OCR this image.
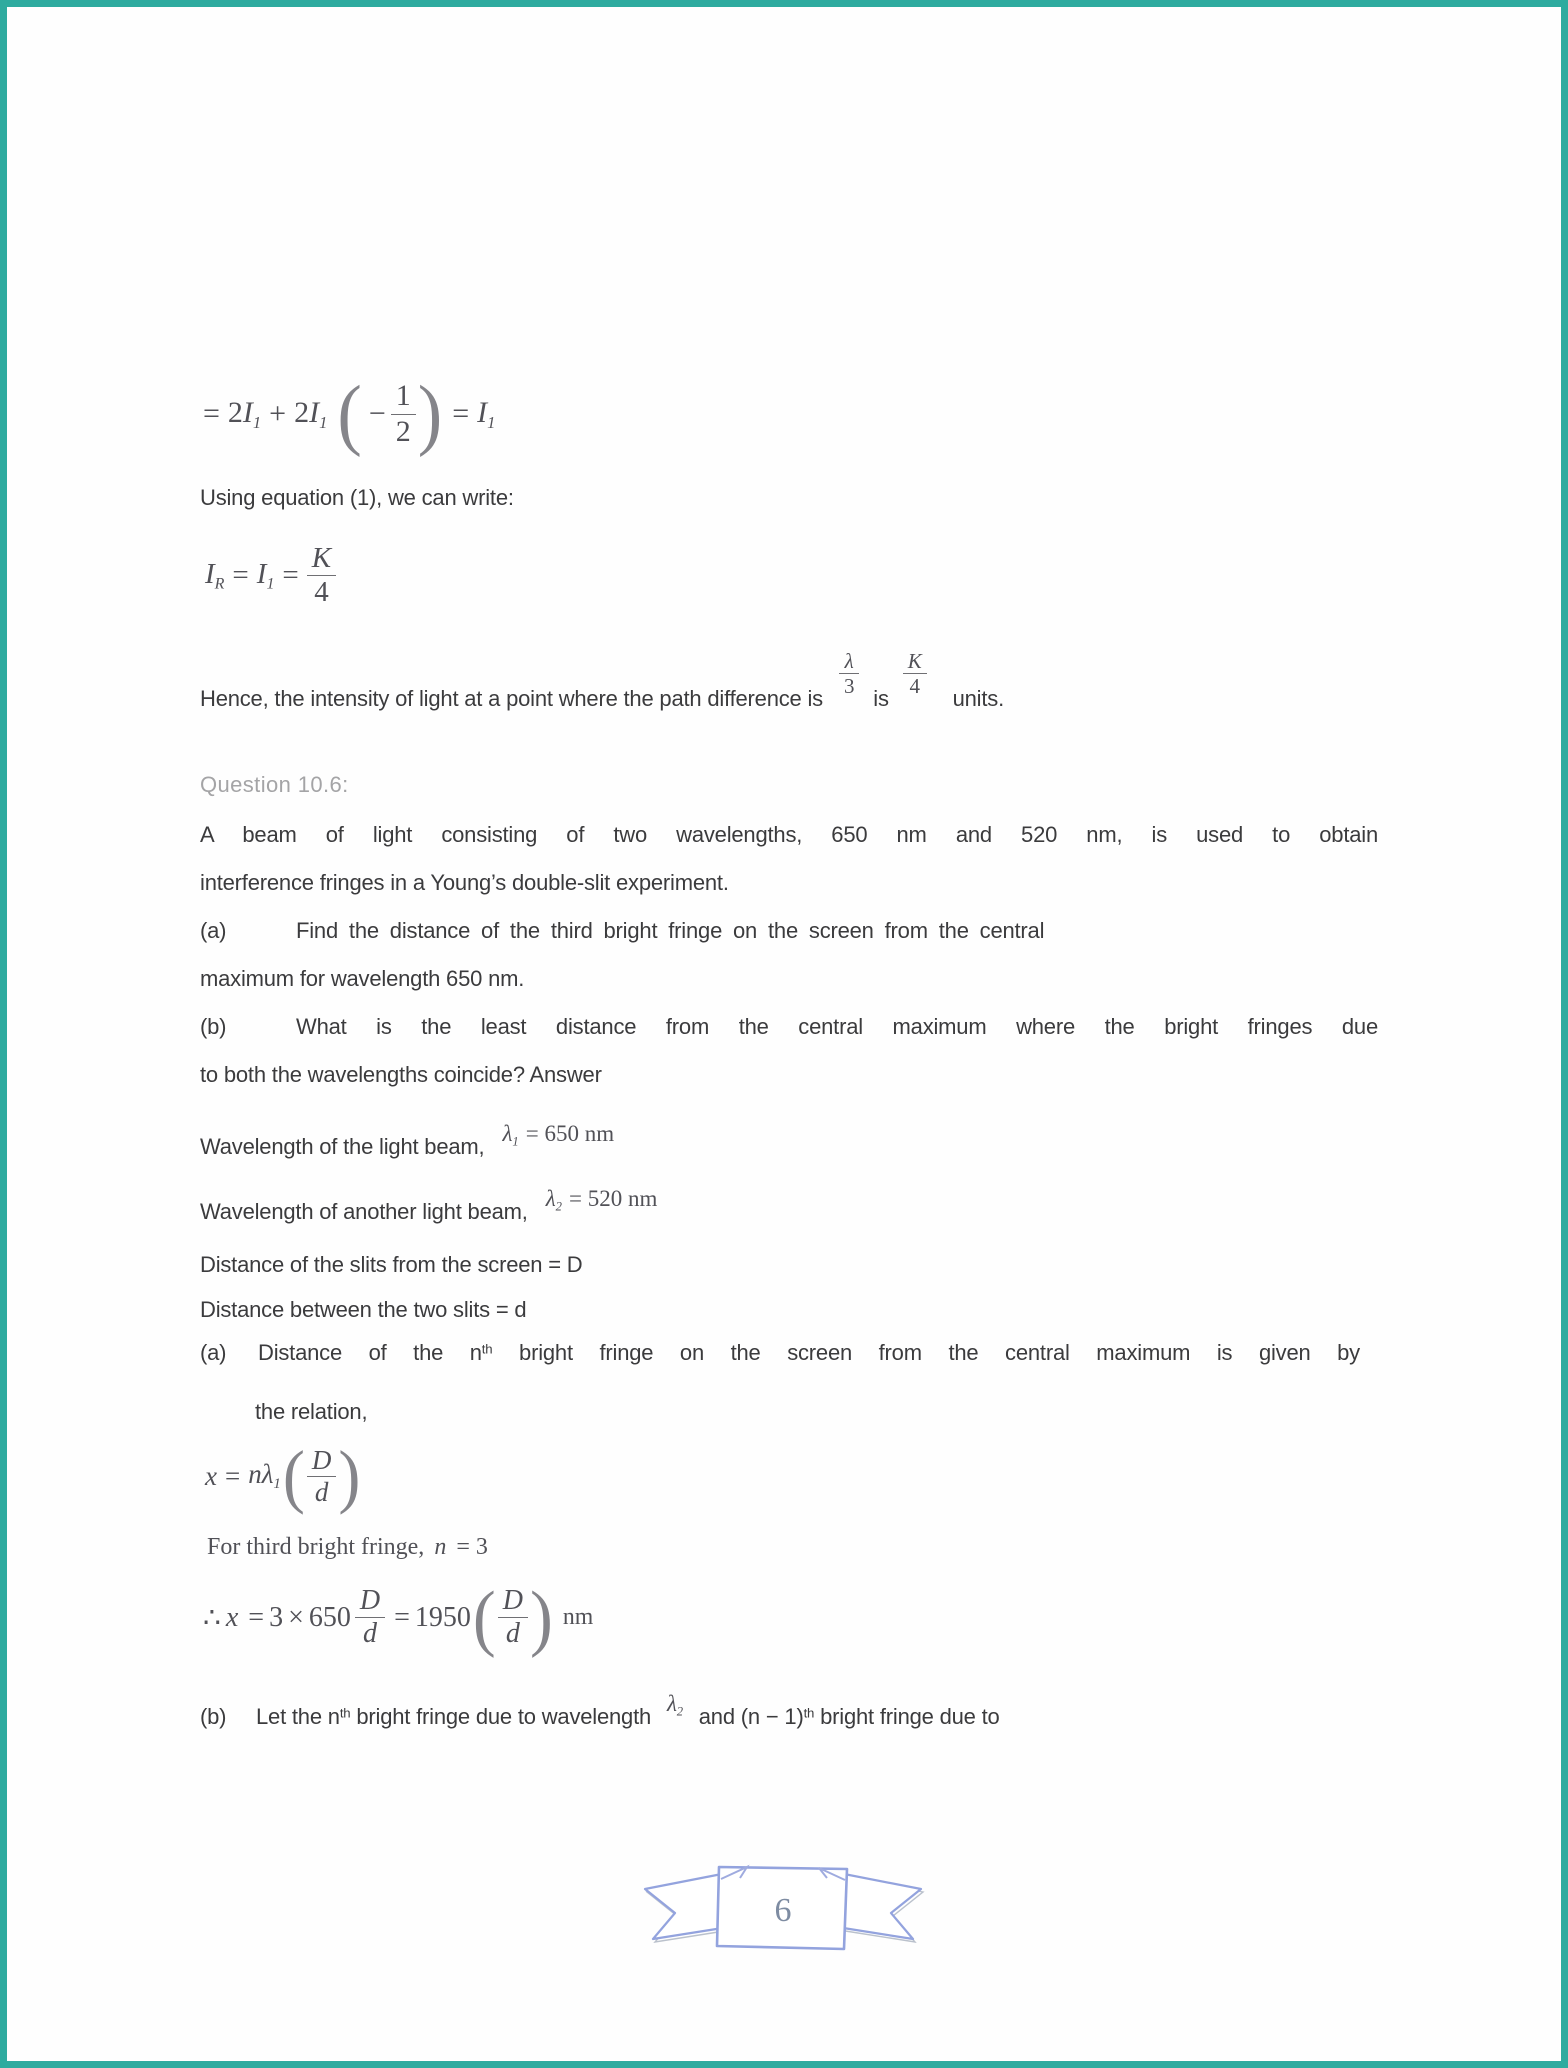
= $2I_1 + 2I_1$ ( − $\frac{1}{2}$ ) = $I_1$
Using equation (1), we can write:
$I_R = I_1 = \frac{K}{4}$
Hence, the intensity of light at a point where the path difference is
$\frac{\lambda}{3}$
is
$\frac{K}{4}$
units.
Question 10.6:
A beam of light consisting of two wavelengths, 650 nm and 520 nm, is used to obtain
interference fringes in a Young’s double-slit experiment.
(a)	Find the distance of the third bright fringe on the screen from the central
maximum for wavelength 650 nm.
(b)	What is the least distance from the central maximum where the bright fringes due
to both the wavelengths coincide? Answer
Wavelength of the light $beam,\lambda_1 = 650$ nm
Wavelength of another light $beam,\lambda_2 = 520$ nm
Distance of the slits from the screen = D
Distance between the two slits = d
(a) Distance of the $n^{th}$ bright fringe on the screen from the central maximum is given by
the relation,
$x = n\lambda_1$ ( $\frac{D}{d}$ )
For third bright fringe, n = 3
∴ $x = 3 \times 650 \frac{D}{d} = 1950$ ( $\frac{D}{d}$ ) nm
(b) Let the $n^{th}$ bright fringe due to wavelength $\lambda_2$ and $(n - 1)^{th}$ bright fringe due to
6
